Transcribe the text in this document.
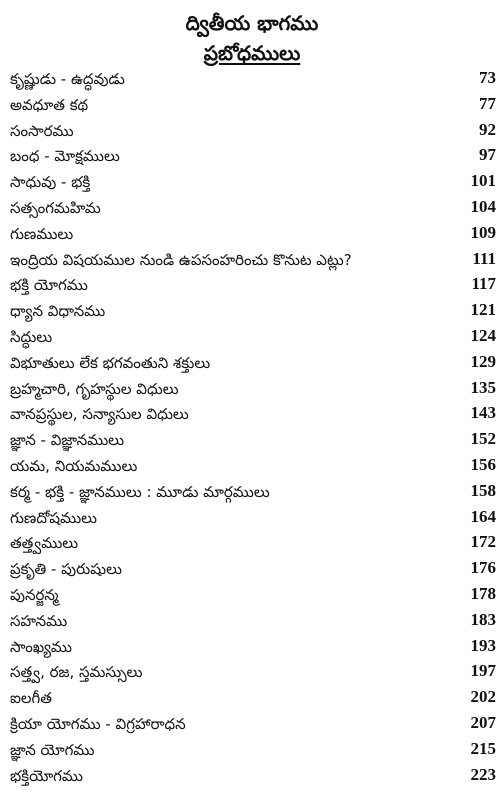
ద్వితీయ భాగము
ప్రబోధములు
కృష్ణుడు - ఉద్ధవుడు	73
అవధూత కథ	77
సంసారము	92
బంధ - మోక్షములు	97
సాధువు - భక్తి	101
సత్సంగమహిమ	104
గుణములు	109
ఇంద్రియ విషయముల నుండి ఉపసంహరించు కొనుట ఎట్లు?	111
భక్తి యోగము	117
ధ్యాన విధానము	121
సిద్ధులు	124
విభూతులు లేక భగవంతుని శక్తులు	129
బ్రహ్మచారి, గృహస్థుల విధులు	135
వానప్రస్థుల, సన్యాసుల విధులు	143
జ్ఞాన - విజ్ఞానములు	152
యమ, నియమములు	156
కర్మ - భక్తి - జ్ఞానములు : మూడు మార్గములు	158
గుణదోషములు	164
తత్త్వములు	172
ప్రకృతి - పురుషులు	176
పునర్జన్మ	178
సహనము	183
సాంఖ్యము	193
సత్త్వ, రజ, స్తమస్సులు	197
ఐలగీత	202
క్రియా యోగము - విగ్రహారాధన	207
జ్ఞాన యోగము	215
భక్తియోగము	223
